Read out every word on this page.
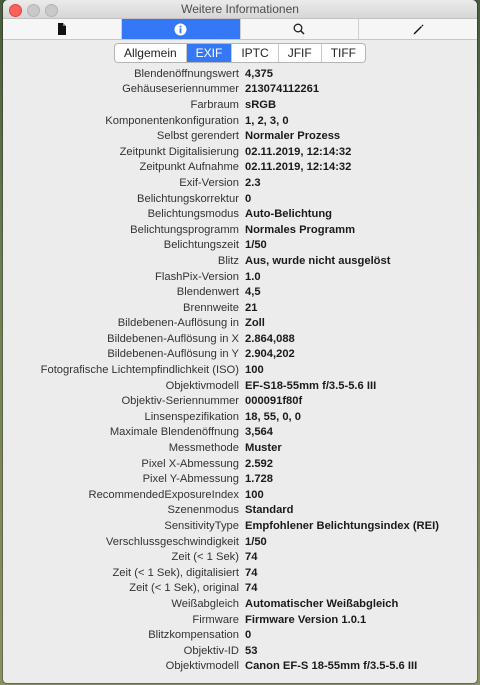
Weitere Informationen
Allgemein	EXIF	IPTC	JFIF	TIFF
Blendenöffnungswert 4,375
Gehäuseseriennummer 213074112261
Farbraum sRGB
Komponentenkonfiguration 1, 2, 3, 0
Selbst gerendert Normaler Prozess
Zeitpunkt Digitalisierung 02.11.2019, 12:14:32
Zeitpunkt Aufnahme 02.11.2019, 12:14:32
Exif-Version 2.3
Belichtungskorrektur 0
Belichtungsmodus Auto-Belichtung
Belichtungsprogramm Normales Programm
Belichtungszeit 1/50
Blitz Aus, wurde nicht ausgelöst
FlashPix-Version 1.0
Blendenwert 4,5
Brennweite 21
Bildebenen-Auflösung in Zoll
Bildebenen-Auflösung in X 2.864,088
Bildebenen-Auflösung in Y 2.904,202
Fotografische Lichtempfindlichkeit (ISO) 100
Objektivmodell EF-S18-55mm f/3.5-5.6 III
Objektiv-Seriennummer 000091f80f
Linsenspezifikation 18, 55, 0, 0
Maximale Blendenöffnung 3,564
Messmethode Muster
Pixel X-Abmessung 2.592
Pixel Y-Abmessung 1.728
RecommendedExposureIndex 100
Szenenmodus Standard
SensitivityType Empfohlener Belichtungsindex (REI)
Verschlussgeschwindigkeit 1/50
Zeit (< 1 Sek) 74
Zeit (< 1 Sek), digitalisiert 74
Zeit (< 1 Sek), original 74
Weißabgleich Automatischer Weißabgleich
Firmware Firmware Version 1.0.1
Blitzkompensation 0
Objektiv-ID 53
Objektivmodell Canon EF-S 18-55mm f/3.5-5.6 III
